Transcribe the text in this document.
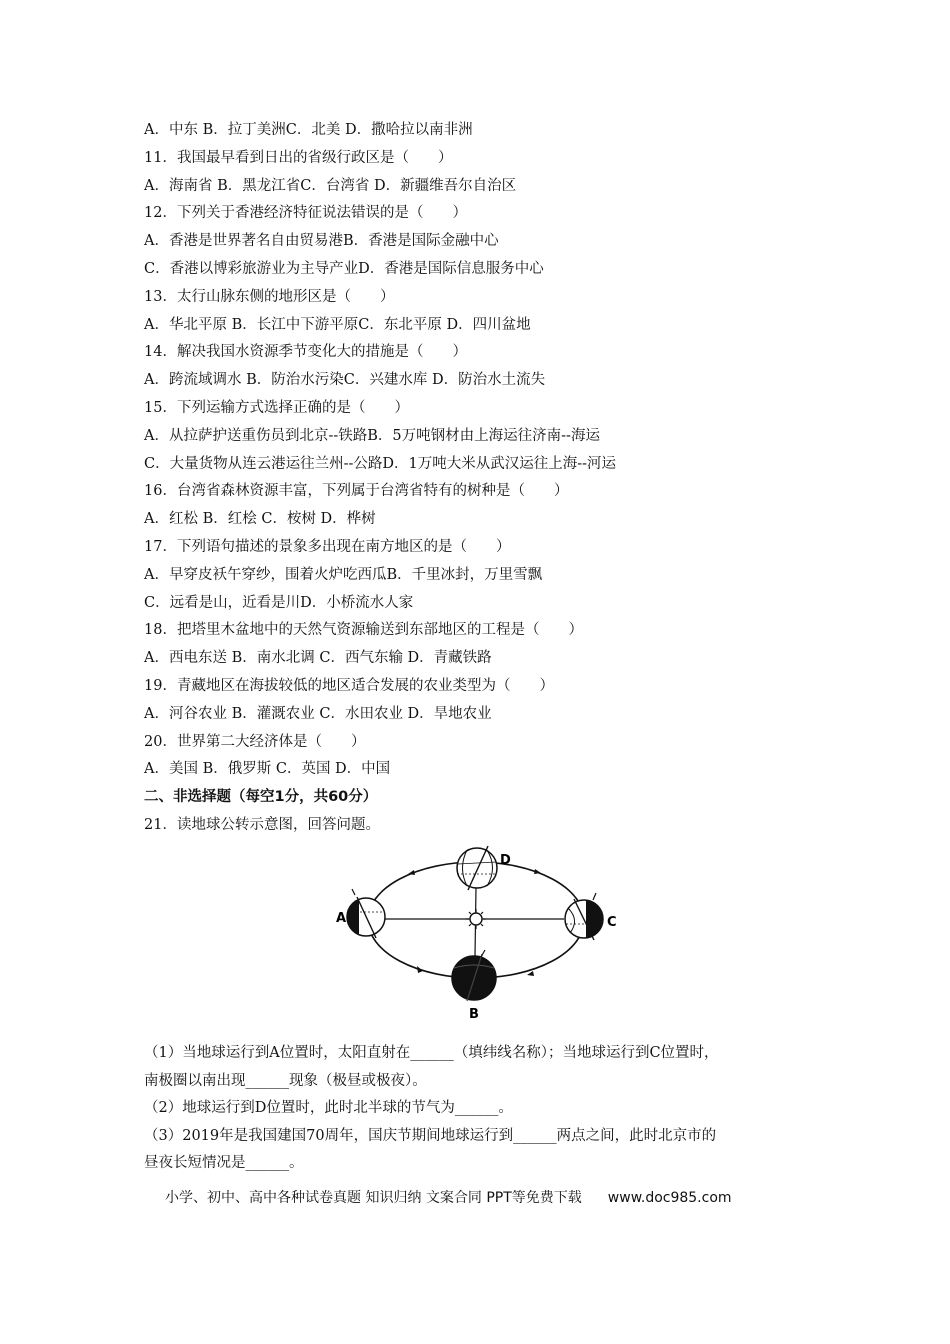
A．中东 B．拉丁美洲C．北美 D．撒哈拉以南非洲
11．我国最早看到日出的省级行政区是（　　）
A．海南省 B．黑龙江省C．台湾省 D．新疆维吾尔自治区
12．下列关于香港经济特征说法错误的是（　　）
A．香港是世界著名自由贸易港B．香港是国际金融中心
C．香港以博彩旅游业为主导产业D．香港是国际信息服务中心
13．太行山脉东侧的地形区是（　　）
A．华北平原 B．长江中下游平原C．东北平原 D．四川盆地
14．解决我国水资源季节变化大的措施是（　　）
A．跨流域调水 B．防治水污染C．兴建水库 D．防治水土流失
15．下列运输方式选择正确的是（　　）
A．从拉萨护送重伤员到北京--铁路B．5万吨钢材由上海运往济南--海运
C．大量货物从连云港运往兰州--公路D．1万吨大米从武汉运往上海--河运
16．台湾省森林资源丰富，下列属于台湾省特有的树种是（　　）
A．红松 B．红桧 C．桉树 D．桦树
17．下列语句描述的景象多出现在南方地区的是（　　）
A．早穿皮袄午穿纱，围着火炉吃西瓜B．千里冰封，万里雪飘
C．远看是山，近看是川D．小桥流水人家
18．把塔里木盆地中的天然气资源输送到东部地区的工程是（　　）
A．西电东送 B．南水北调 C．西气东输 D．青藏铁路
19．青藏地区在海拔较低的地区适合发展的农业类型为（　　）
A．河谷农业 B．灌溉农业 C．水田农业 D．旱地农业
20．世界第二大经济体是（　　）
A．美国 B．俄罗斯 C．英国 D．中国
二、非选择题（每空1分，共60分）
21．读地球公转示意图，回答问题。
A	C
D
B
（1）当地球运行到A位置时，太阳直射在______（填纬线名称）；当地球运行到C位置时，
南极圈以南出现______现象（极昼或极夜）。
（2）地球运行到D位置时，此时北半球的节气为______。
（3）2019年是我国建国70周年，国庆节期间地球运行到______两点之间，此时北京市的
昼夜长短情况是______。
小学、初中、高中各种试卷真题 知识归纳 文案合同 PPT等免费下载 www.doc985.com
